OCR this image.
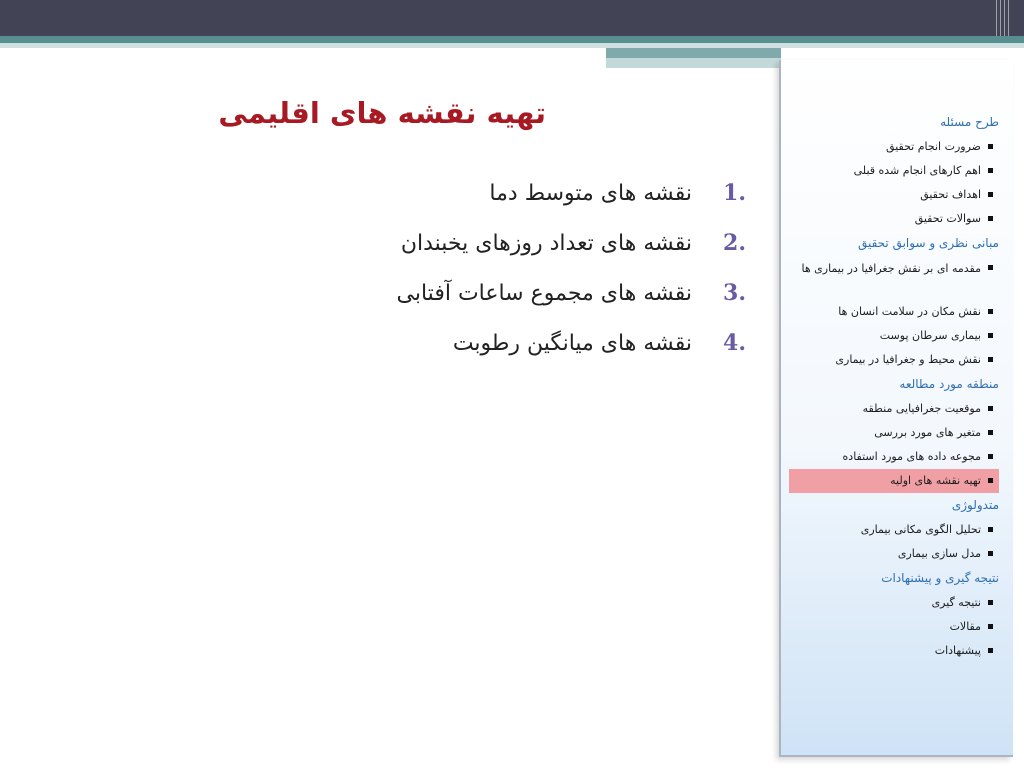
تهیه نقشه های اقلیمی
1.
نقشه های متوسط دما
2.
نقشه های تعداد روزهای یخبندان
3.
نقشه های مجموع ساعات آفتابی
4.
نقشه های میانگین رطوبت
طرح مسئله
ضرورت انجام تحقیق
اهم کارهای انجام شده قبلی
اهداف تحقیق
سوالات تحقیق
مبانی نظری و سوابق تحقیق
مقدمه ای بر نقش جغرافیا در بیماری ها
نقش مکان در سلامت انسان ها
بیماری سرطان پوست
نقش محیط و جغرافیا در بیماری
منطقه مورد مطالعه
موقعیت جغرافیایی منطقه
متغیر های مورد بررسی
مجوعه داده های مورد استفاده
تهیه نقشه های اولیه
متدولوژی
تحلیل الگوی مکانی بیماری
مدل سازی بیماری
نتیجه گیری و پیشنهادات
نتیجه گیری
مقالات
پیشنهادات
